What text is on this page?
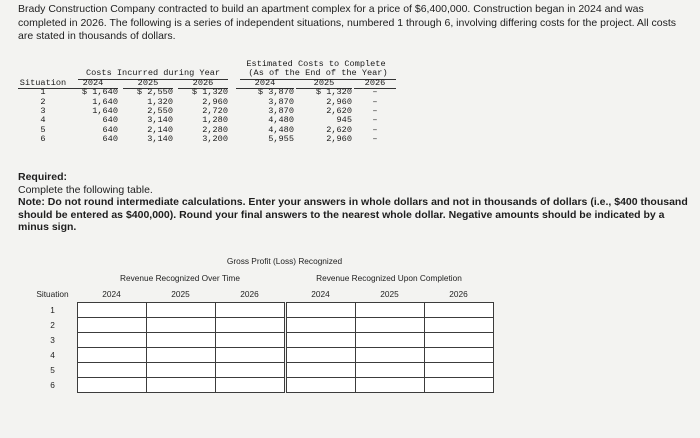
Brady Construction Company contracted to build an apartment complex for a price of $6,400,000. Construction began in 2024 and was completed in 2026. The following is a series of independent situations, numbered 1 through 6, involving differing costs for the project. All costs are stated in thousands of dollars.

Estimated Costs to Complete
Costs Incurred during Year	(As of the End of the Year)
Situation	2024	2025	2026	2024	2025	2026
1	$ 1,640	$ 2,550	$ 1,320	$ 3,870	$ 1,320	–
2	1,640	1,320	2,960	3,870	2,960	–
3	1,640	2,550	2,720	3,870	2,620	–
4	640	3,140	1,280	4,480	945	–
5	640	2,140	2,280	4,480	2,620	–
6	640	3,140	3,200	5,955	2,960	–
Required:
Complete the following table.
Note: Do not round intermediate calculations. Enter your answers in whole dollars and not in thousands of dollars (i.e., $400 thousand should be entered as $400,000). Round your final answers to the nearest whole dollar. Negative amounts should be indicated by a minus sign.
Gross Profit (Loss) Recognized
Revenue Recognized Over Time	Revenue Recognized Upon Completion
Situation	2024	2025	2026	2024	2025	2026
1
2
3
4
5
6
